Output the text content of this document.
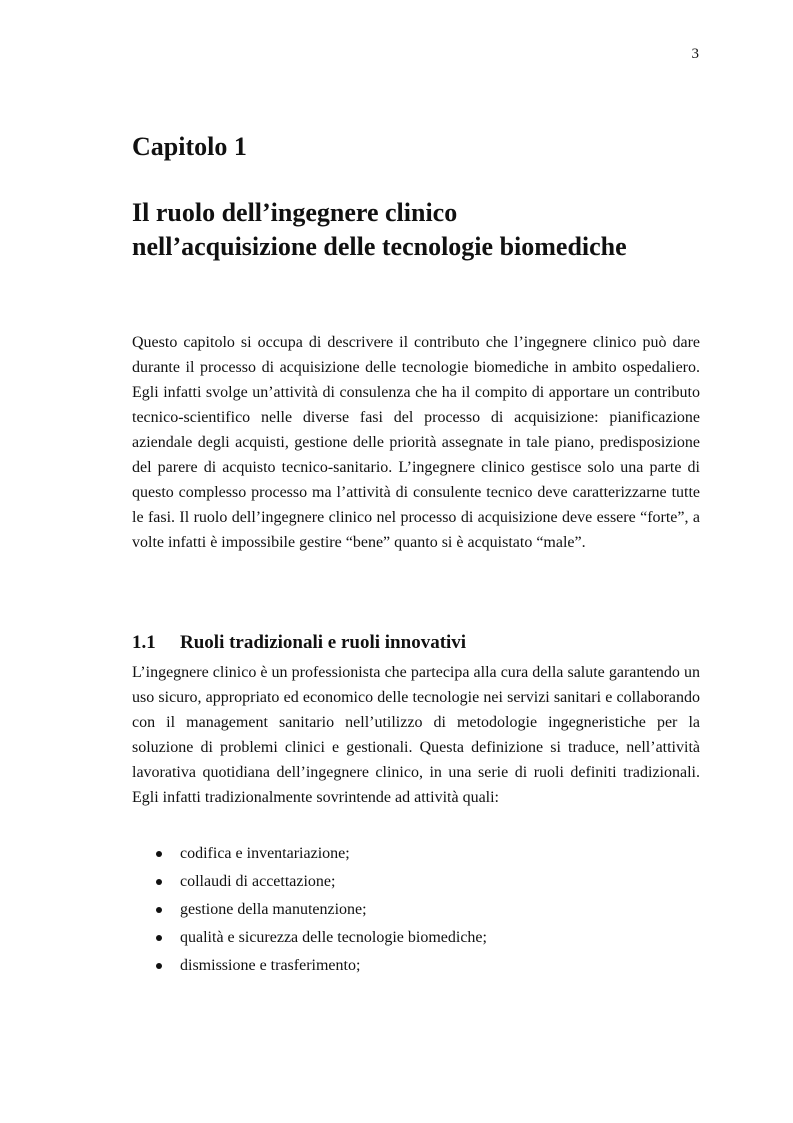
3
Capitolo 1
Il ruolo dell’ingegnere clinico
nell’acquisizione delle tecnologie biomediche

Questo capitolo si occupa di descrivere il contributo che l’ingegnere clinico può dare durante il processo di acquisizione delle tecnologie biomediche in ambito ospedaliero. Egli infatti svolge un’attività di consulenza che ha il compito di apportare un contributo tecnico-scientifico nelle diverse fasi del processo di acquisizione: pianificazione aziendale degli acquisti, gestione delle priorità assegnate in tale piano, predisposizione del parere di acquisto tecnico-sanitario. L’ingegnere clinico gestisce solo una parte di questo complesso processo ma l’attività di consulente tecnico deve caratterizzarne tutte le fasi. Il ruolo dell’ingegnere clinico nel processo di acquisizione deve essere “forte”, a volte infatti è impossibile gestire “bene” quanto si è acquistato “male”.

1.1 Ruoli tradizionali e ruoli innovativi

L’ingegnere clinico è un professionista che partecipa alla cura della salute garantendo un uso sicuro, appropriato ed economico delle tecnologie nei servizi sanitari e collaborando con il management sanitario nell’utilizzo di metodologie ingegneristiche per la soluzione di problemi clinici e gestionali. Questa definizione si traduce, nell’attività lavorativa quotidiana dell’ingegnere clinico, in una serie di ruoli definiti tradizionali. Egli infatti tradizionalmente sovrintende ad attività quali:

codifica e inventariazione;
collaudi di accettazione;
gestione della manutenzione;
qualità e sicurezza delle tecnologie biomediche;
dismissione e trasferimento;
